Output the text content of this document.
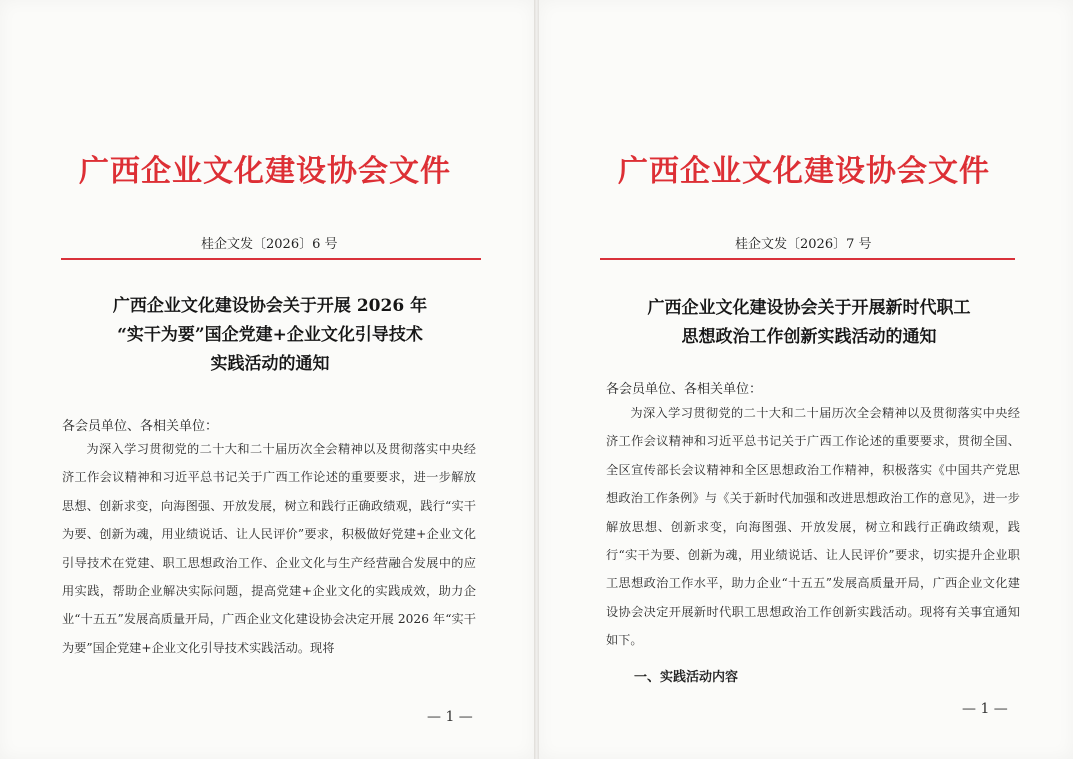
广西企业文化建设协会文件
桂企文发〔2026〕6 号
广西企业文化建设协会关于开展 2026 年
“实干为要”国企党建+企业文化引导技术
实践活动的通知
各会员单位、各相关单位：
为深入学习贯彻党的二十大和二十届历次全会精神以及贯彻落实中央经济工作会议精神和习近平总书记关于广西工作论述的重要要求，进一步解放思想、创新求变，向海图强、开放发展，树立和践行正确政绩观，践行“实干为要、创新为魂，用业绩说话、让人民评价”要求，积极做好党建+企业文化引导技术在党建、职工思想政治工作、企业文化与生产经营融合发展中的应用实践，帮助企业解决实际问题，提高党建+企业文化的实践成效，助力企业“十五五”发展高质量开局，广西企业文化建设协会决定开展 2026 年“实干为要”国企党建+企业文化引导技术实践活动。现将
— 1 —
广西企业文化建设协会文件
桂企文发〔2026〕7 号
广西企业文化建设协会关于开展新时代职工
思想政治工作创新实践活动的通知
各会员单位、各相关单位：
为深入学习贯彻党的二十大和二十届历次全会精神以及贯彻落实中央经济工作会议精神和习近平总书记关于广西工作论述的重要要求，贯彻全国、全区宣传部长会议精神和全区思想政治工作精神，积极落实《中国共产党思想政治工作条例》与《关于新时代加强和改进思想政治工作的意见》，进一步解放思想、创新求变，向海图强、开放发展，树立和践行正确政绩观，践行“实干为要、创新为魂，用业绩说话、让人民评价”要求，切实提升企业职工思想政治工作水平，助力企业“十五五”发展高质量开局，广西企业文化建设协会决定开展新时代职工思想政治工作创新实践活动。现将有关事宜通知如下。
一、实践活动内容
— 1 —
